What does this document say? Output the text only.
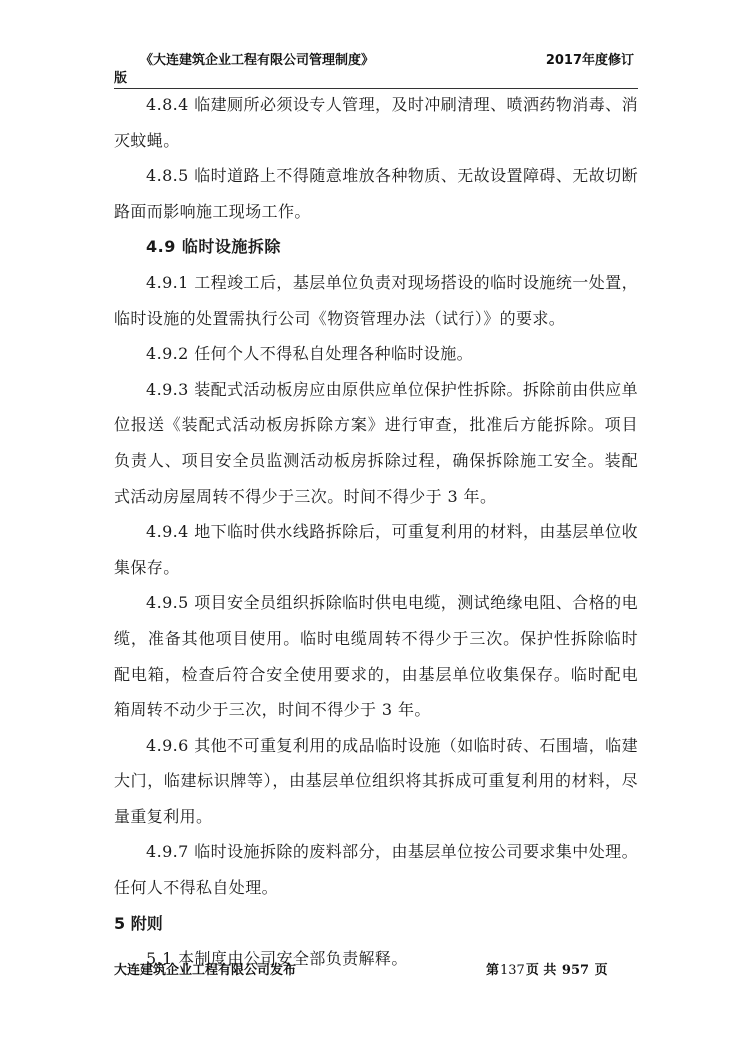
《大连建筑企业工程有限公司管理制度》	2017年度修订
版

4.8.4 临建厕所必须设专人管理，及时冲刷清理、喷洒药物消毒、消灭蚊蝇。

4.8.5 临时道路上不得随意堆放各种物质、无故设置障碍、无故切断路面而影响施工现场工作。

4.9 临时设施拆除

4.9.1 工程竣工后，基层单位负责对现场搭设的临时设施统一处置，临时设施的处置需执行公司《物资管理办法（试行）》的要求。

4.9.2 任何个人不得私自处理各种临时设施。

4.9.3 装配式活动板房应由原供应单位保护性拆除。拆除前由供应单位报送《装配式活动板房拆除方案》进行审查，批准后方能拆除。项目负责人、项目安全员监测活动板房拆除过程，确保拆除施工安全。装配式活动房屋周转不得少于三次。时间不得少于 3 年。

4.9.4 地下临时供水线路拆除后，可重复利用的材料，由基层单位收集保存。

4.9.5 项目安全员组织拆除临时供电电缆，测试绝缘电阻、合格的电缆，准备其他项目使用。临时电缆周转不得少于三次。保护性拆除临时配电箱，检查后符合安全使用要求的，由基层单位收集保存。临时配电箱周转不动少于三次，时间不得少于 3 年。

4.9.6 其他不可重复利用的成品临时设施（如临时砖、石围墙，临建大门，临建标识牌等），由基层单位组织将其拆成可重复利用的材料，尽量重复利用。

4.9.7 临时设施拆除的废料部分，由基层单位按公司要求集中处理。任何人不得私自处理。

5 附则

5.1 本制度由公司安全部负责解释。

大连建筑企业工程有限公司发布	第137页 共 957 页
